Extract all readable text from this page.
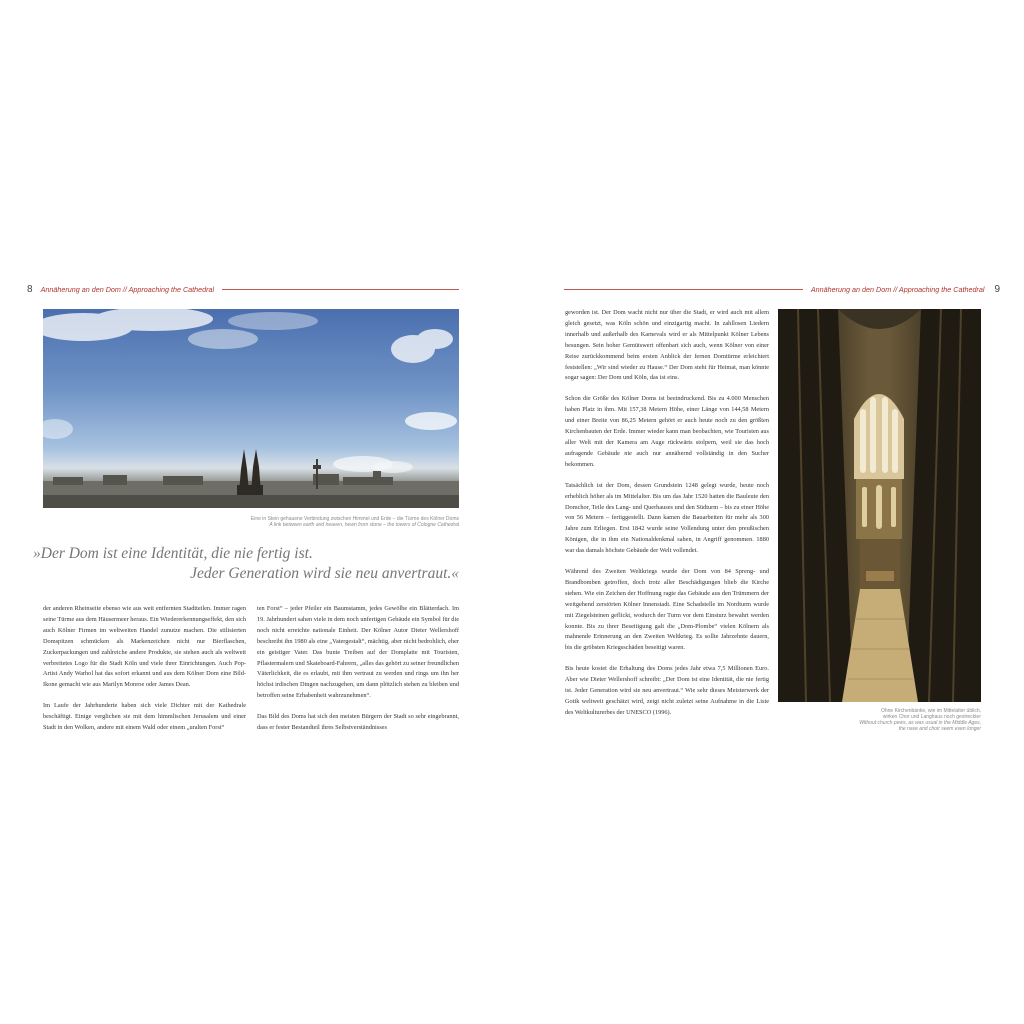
8 Annäherung an den Dom // Approaching the Cathedral
Eine in Stein gehauene Verbindung zwischen Himmel und Erde – die Türme des Kölner Doms
A link between earth and heaven, hewn from stone – the towers of Cologne Cathedral
»Der Dom ist eine Identität, die nie fertig ist.
Jeder Generation wird sie neu anvertraut.«

der anderen Rheinseite ebenso wie aus weit entfernten Stadtteilen. Immer ragen seine Türme aus dem Häusermeer heraus. Ein Wiedererkennungseffekt, den sich auch Kölner Firmen im weltweiten Handel zunutze machen. Die stilisierten Domspitzen schmücken als Markenzeichen nicht nur Bierflaschen, Zuckerpackungen und zahlreiche andere Produkte, sie stehen auch als weltweit verbreitetes Logo für die Stadt Köln und viele ihrer Einrichtungen. Auch Pop-Artist Andy Warhol hat das sofort erkannt und aus dem Kölner Dom eine Bild-Ikone gemacht wie aus Marilyn Monroe oder James Dean.

Im Laufe der Jahrhunderte haben sich viele Dichter mit der Kathedrale beschäftigt. Einige verglichen sie mit dem himmlischen Jerusalem und einer Stadt in den Wolken, andere mit einem Wald oder einem „uralten Forst“

ten Forst“ – jeder Pfeiler ein Baumstamm, jedes Gewölbe ein Blätterdach. Im 19. Jahrhundert sahen viele in dem noch unfertigen Gebäude ein Symbol für die noch nicht erreichte nationale Einheit. Der Kölner Autor Dieter Wellershoff beschreibt ihn 1980 als eine „Vatergestalt“, mächtig, aber nicht bedrohlich, eher ein geistiger Vater. Das bunte Treiben auf der Domplatte mit Touristen, Pflastermalern und Skateboard-Fahrern, „alles das gehört zu seiner freundlichen Väterlichkeit, die es erlaubt, mit ihm vertraut zu werden und rings um ihn her höchst irdischen Dingen nachzugehen, um dann plötzlich stehen zu bleiben und betroffen seine Erhabenheit wahrzunehmen“.

Das Bild des Doms hat sich den meisten Bürgern der Stadt so sehr eingebrannt, dass er fester Bestandteil ihres Selbstverständnisses

Annäherung an den Dom // Approaching the Cathedral 9

geworden ist. Der Dom wacht nicht nur über die Stadt, er wird auch mit allem gleich gesetzt, was Köln schön und einzigartig macht. In zahllosen Liedern innerhalb und außerhalb des Karnevals wird er als Mittelpunkt Kölner Lebens besungen. Sein hoher Gemütswert offenbart sich auch, wenn Kölner von einer Reise zurückkommend beim ersten Anblick der fernen Domtürme erleichtert feststellen: „Wir sind wieder zu Hause.“ Der Dom steht für Heimat, man könnte sogar sagen: Der Dom und Köln, das ist eins.

Schon die Größe des Kölner Doms ist beeindruckend. Bis zu 4.000 Menschen haben Platz in ihm. Mit 157,38 Metern Höhe, einer Länge von 144,58 Metern und einer Breite von 86,25 Metern gehört er auch heute noch zu den größten Kirchenbauten der Erde. Immer wieder kann man beobachten, wie Touristen aus aller Welt mit der Kamera am Auge rückwärts stolpern, weil sie das hoch aufragende Gebäude nie auch nur annähernd vollständig in den Sucher bekommen.

Tatsächlich ist der Dom, dessen Grundstein 1248 gelegt wurde, heute noch erheblich höher als im Mittelalter. Bis um das Jahr 1520 hatten die Bauleute den Domchor, Teile des Lang- und Querhauses und den Südturm – bis zu einer Höhe von 56 Metern – fertiggestellt. Dann kamen die Bauarbeiten für mehr als 300 Jahre zum Erliegen. Erst 1842 wurde seine Vollendung unter den preußischen Königen, die in ihm ein Nationaldenkmal sahen, in Angriff genommen. 1880 war das damals höchste Gebäude der Welt vollendet.

Während des Zweiten Weltkriegs wurde der Dom von 84 Spreng- und Brandbomben getroffen, doch trotz aller Beschädigungen blieb die Kirche stehen. Wie ein Zeichen der Hoffnung ragte das Gebäude aus den Trümmern der weitgehend zerstörten Kölner Innenstadt. Eine Schadstelle im Nordturm wurde mit Ziegelsteinen geflickt, wodurch der Turm vor dem Einsturz bewahrt werden konnte. Bis zu ihrer Beseitigung galt die „Dom-Plombe“ vielen Kölnern als mahnende Erinnerung an den Zweiten Weltkrieg. Es sollte Jahrzehnte dauern, bis die gröbsten Kriegsschäden beseitigt waren.

Bis heute kostet die Erhaltung des Doms jedes Jahr etwa 7,5 Millionen Euro. Aber wie Dieter Wellershoff schreibt: „Der Dom ist eine Identität, die nie fertig ist. Jeder Generation wird sie neu anvertraut.“ Wie sehr dieses Meisterwerk der Gotik weltweit geschätzt wird, zeigt nicht zuletzt seine Aufnahme in die Liste des Weltkulturerbes der UNESCO (1996).	Ohne Kirchenbänke, wie im Mittelalter üblich,
wirken Chor und Langhaus noch gestreckter
Without church pews, as was usual in the Middle Ages,
the nave and choir seem even longer
